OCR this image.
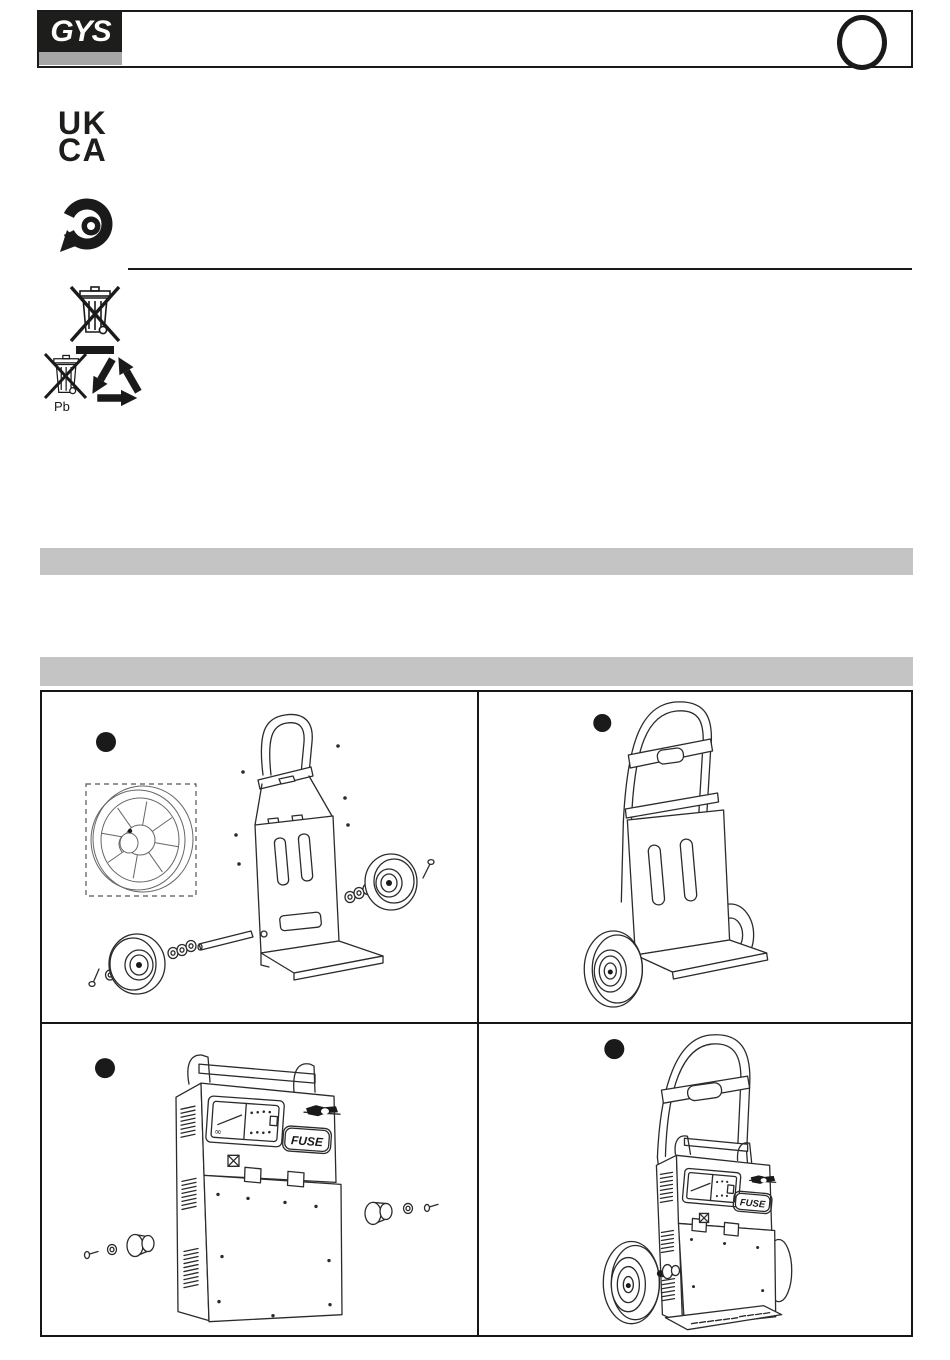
GYS
UK
CA
Pb
∞
FUSE
FUSE
